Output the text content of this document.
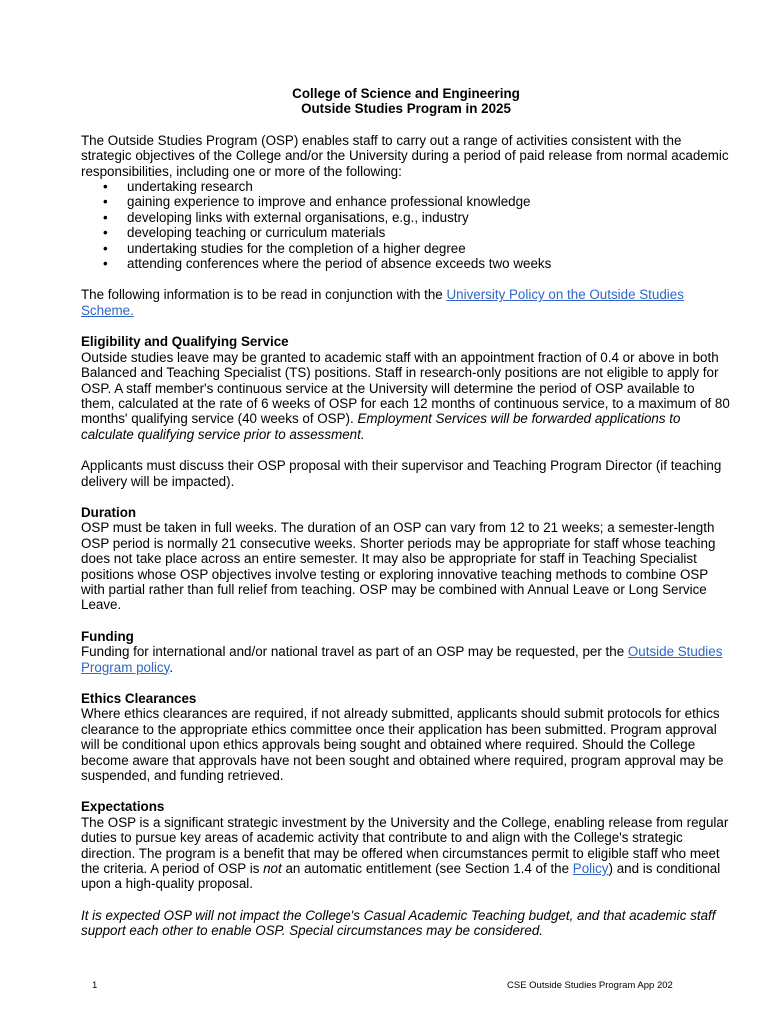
College of Science and Engineering

Outside Studies Program in 2025

The Outside Studies Program (OSP) enables staff to carry out a range of activities consistent with the strategic objectives of the College and/or the University during a period of paid release from normal academic responsibilities, including one or more of the following:

• undertaking research
• gaining experience to improve and enhance professional knowledge
• developing links with external organisations, e.g., industry
• developing teaching or curriculum materials
• undertaking studies for the completion of a higher degree
• attending conferences where the period of absence exceeds two weeks

The following information is to be read in conjunction with the University Policy on the Outside Studies Scheme.

Eligibility and Qualifying Service

Outside studies leave may be granted to academic staff with an appointment fraction of 0.4 or above in both Balanced and Teaching Specialist (TS) positions. Staff in research-only positions are not eligible to apply for OSP. A staff member's continuous service at the University will determine the period of OSP available to them, calculated at the rate of 6 weeks of OSP for each 12 months of continuous service, to a maximum of 80 months' qualifying service (40 weeks of OSP). Employment Services will be forwarded applications to calculate qualifying service prior to assessment.

Applicants must discuss their OSP proposal with their supervisor and Teaching Program Director (if teaching delivery will be impacted).

Duration

OSP must be taken in full weeks. The duration of an OSP can vary from 12 to 21 weeks; a semester-length OSP period is normally 21 consecutive weeks. Shorter periods may be appropriate for staff whose teaching does not take place across an entire semester. It may also be appropriate for staff in Teaching Specialist positions whose OSP objectives involve testing or exploring innovative teaching methods to combine OSP with partial rather than full relief from teaching. OSP may be combined with Annual Leave or Long Service Leave.

Funding

Funding for international and/or national travel as part of an OSP may be requested, per the Outside Studies Program policy.

Ethics Clearances

Where ethics clearances are required, if not already submitted, applicants should submit protocols for ethics clearance to the appropriate ethics committee once their application has been submitted. Program approval will be conditional upon ethics approvals being sought and obtained where required. Should the College become aware that approvals have not been sought and obtained where required, program approval may be suspended, and funding retrieved.

Expectations

The OSP is a significant strategic investment by the University and the College, enabling release from regular duties to pursue key areas of academic activity that contribute to and align with the College's strategic direction. The program is a benefit that may be offered when circumstances permit to eligible staff who meet the criteria. A period of OSP is not an automatic entitlement (see Section 1.4 of the Policy) and is conditional upon a high-quality proposal.

It is expected OSP will not impact the College's Casual Academic Teaching budget, and that academic staff support each other to enable OSP. Special circumstances may be considered.

1	CSE Outside Studies Program App 202
